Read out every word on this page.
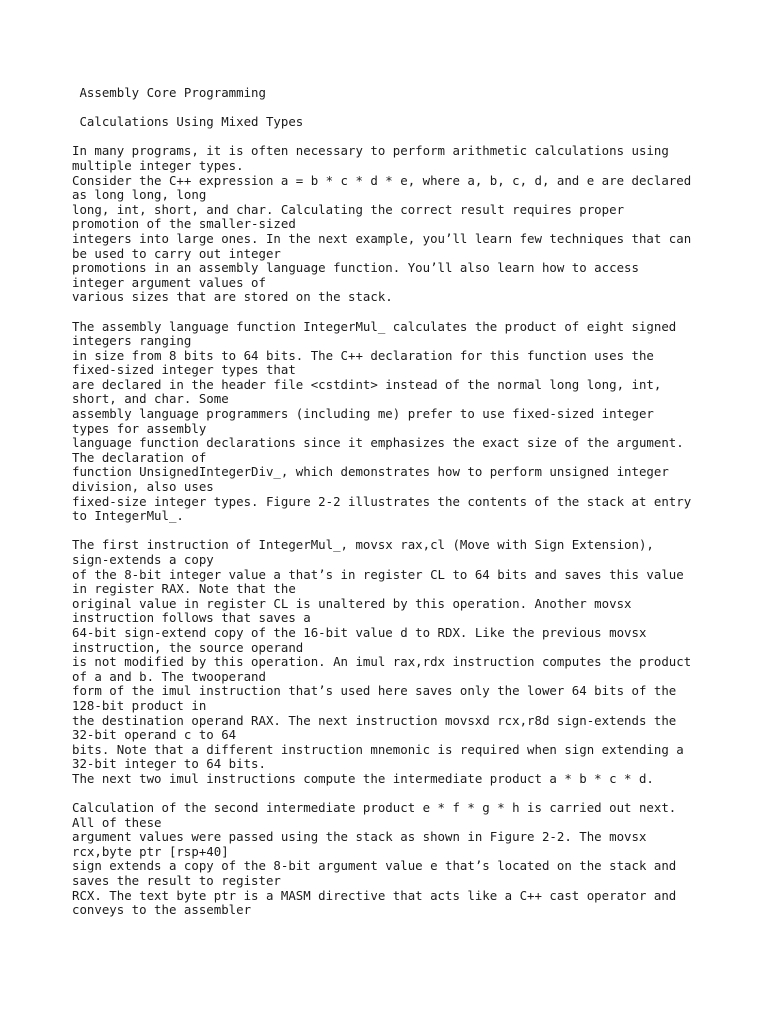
Assembly Core Programming
Calculations Using Mixed Types
In many programs, it is often necessary to perform arithmetic calculations using
multiple integer types.
Consider the C++ expression a = b * c * d * e, where a, b, c, d, and e are declared
as long long, long
long, int, short, and char. Calculating the correct result requires proper
promotion of the smaller-sized
integers into large ones. In the next example, you’ll learn few techniques that can
be used to carry out integer
promotions in an assembly language function. You’ll also learn how to access
integer argument values of
various sizes that are stored on the stack.
The assembly language function IntegerMul_ calculates the product of eight signed
integers ranging
in size from 8 bits to 64 bits. The C++ declaration for this function uses the
fixed-sized integer types that
are declared in the header file <cstdint> instead of the normal long long, int,
short, and char. Some
assembly language programmers (including me) prefer to use fixed-sized integer
types for assembly
language function declarations since it emphasizes the exact size of the argument.
The declaration of
function UnsignedIntegerDiv_, which demonstrates how to perform unsigned integer
division, also uses
fixed-size integer types. Figure 2-2 illustrates the contents of the stack at entry
to IntegerMul_.
The first instruction of IntegerMul_, movsx rax,cl (Move with Sign Extension),
sign-extends a copy
of the 8-bit integer value a that’s in register CL to 64 bits and saves this value
in register RAX. Note that the
original value in register CL is unaltered by this operation. Another movsx
instruction follows that saves a
64-bit sign-extend copy of the 16-bit value d to RDX. Like the previous movsx
instruction, the source operand
is not modified by this operation. An imul rax,rdx instruction computes the product
of a and b. The twooperand
form of the imul instruction that’s used here saves only the lower 64 bits of the
128-bit product in
the destination operand RAX. The next instruction movsxd rcx,r8d sign-extends the
32-bit operand c to 64
bits. Note that a different instruction mnemonic is required when sign extending a
32-bit integer to 64 bits.
The next two imul instructions compute the intermediate product a * b * c * d.
Calculation of the second intermediate product e * f * g * h is carried out next.
All of these
argument values were passed using the stack as shown in Figure 2-2. The movsx
rcx,byte ptr [rsp+40]
sign extends a copy of the 8-bit argument value e that’s located on the stack and
saves the result to register
RCX. The text byte ptr is a MASM directive that acts like a C++ cast operator and
conveys to the assembler
